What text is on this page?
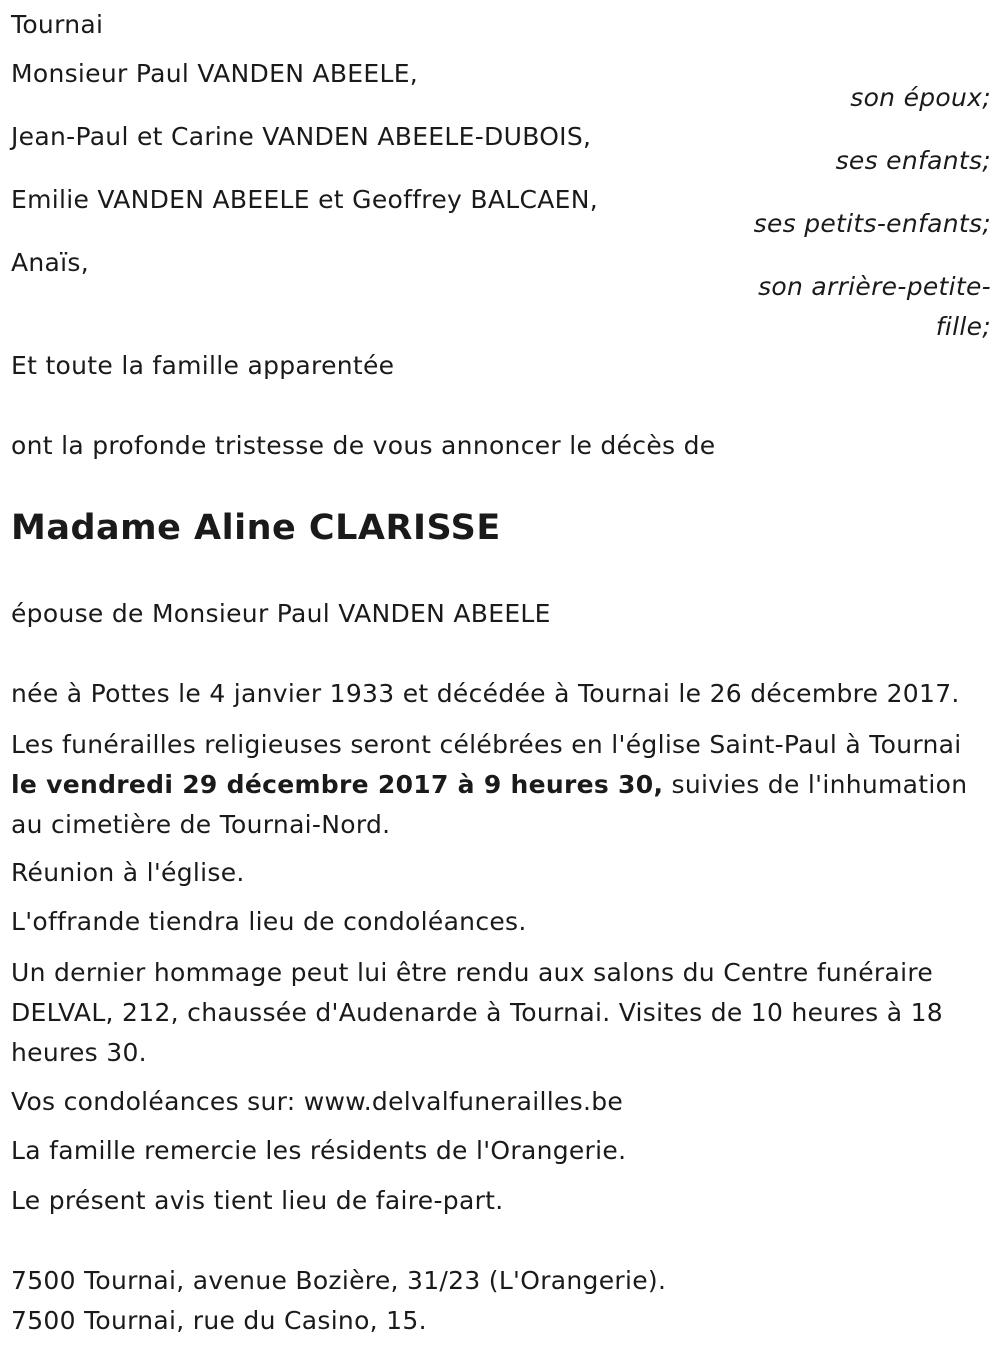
Tournai
Monsieur Paul VANDEN ABEELE,
son époux;
Jean-Paul et Carine VANDEN ABEELE-DUBOIS,
ses enfants;
Emilie VANDEN ABEELE et Geoffrey BALCAEN,
ses petits-enfants;
Anaïs,
son arrière-petite-
fille;
Et toute la famille apparentée
ont la profonde tristesse de vous annoncer le décès de
Madame Aline CLARISSE
épouse de Monsieur Paul VANDEN ABEELE
née à Pottes le 4 janvier 1933 et décédée à Tournai le 26 décembre 2017.
Les funérailles religieuses seront célébrées en l'église Saint-Paul à Tournai le vendredi 29 décembre 2017 à 9 heures 30, suivies de l'inhumation au cimetière de Tournai-Nord.
Réunion à l'église.
L'offrande tiendra lieu de condoléances.
Un dernier hommage peut lui être rendu aux salons du Centre funéraire DELVAL, 212, chaussée d'Audenarde à Tournai. Visites de 10 heures à 18 heures 30.
Vos condoléances sur: www.delvalfunerailles.be
La famille remercie les résidents de l'Orangerie.
Le présent avis tient lieu de faire-part.
7500 Tournai, avenue Bozière, 31/23 (L'Orangerie).
7500 Tournai, rue du Casino, 15.
